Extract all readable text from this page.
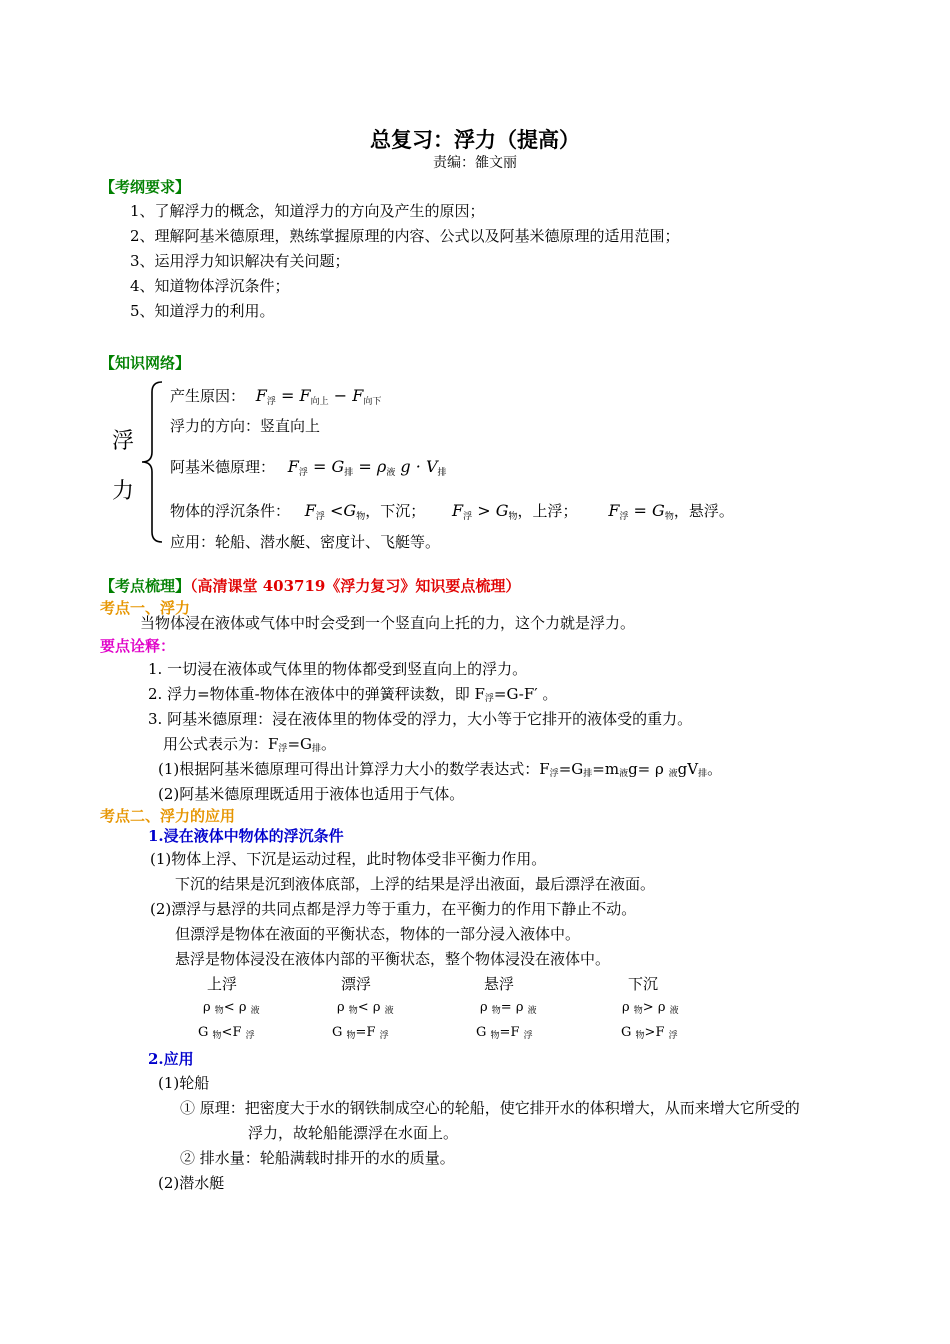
总复习：浮力（提高）
责编：雒文丽
【考纲要求】
1、了解浮力的概念，知道浮力的方向及产生的原因；
2、理解阿基米德原理，熟练掌握原理的内容、公式以及阿基米德原理的适用范围；
3、运用浮力知识解决有关问题；
4、知道物体浮沉条件；
5、知道浮力的利用。
【知识网络】
浮
力
产生原因： F浮 = F向上 − F向下
浮力的方向：竖直向上
阿基米德原理： F浮 = G排 = ρ液 g · V排
物体的浮沉条件： F浮 <G物，下沉； F浮 > G物，上浮； F浮 = G物，悬浮。
应用：轮船、潜水艇、密度计、飞艇等。
【考点梳理】（高清课堂 403719《浮力复习》知识要点梳理）
考点一、浮力
当物体浸在液体或气体中时会受到一个竖直向上托的力，这个力就是浮力。
要点诠释：
1. 一切浸在液体或气体里的物体都受到竖直向上的浮力。
2. 浮力=物体重-物体在液体中的弹簧秤读数，即 $F_浮=G-F'$ 。
3. 阿基米德原理：浸在液体里的物体受的浮力，大小等于它排开的液体受的重力。
用公式表示为：$F_浮=G_排$。
(1)根据阿基米德原理可得出计算浮力大小的数学表达式：$F_浮=G_排=m_液g= \rho$ $_液gV_排$。
(2)阿基米德原理既适用于液体也适用于气体。
考点二、浮力的应用
1.浸在液体中物体的浮沉条件
(1)物体上浮、下沉是运动过程，此时物体受非平衡力作用。
下沉的结果是沉到液体底部，上浮的结果是浮出液面，最后漂浮在液面。
(2)漂浮与悬浮的共同点都是浮力等于重力，在平衡力的作用下静止不动。
但漂浮是物体在液面的平衡状态，物体的一部分浸入液体中。
悬浮是物体浸没在液体内部的平衡状态，整个物体浸没在液体中。
上浮	漂浮	悬浮	下沉
ρ $_物$< ρ $_液$	ρ $_物$< ρ $_液$	ρ $_物$= ρ $_液$	ρ $_物$> ρ $_液$
G $_物$<F $_浮$	G $_物$=F $_浮$	G $_物$=F $_浮$	G $_物$>F $_浮$
2.应用
(1)轮船
① 原理：把密度大于水的钢铁制成空心的轮船，使它排开水的体积增大，从而来增大它所受的
浮力，故轮船能漂浮在水面上。
② 排水量：轮船满载时排开的水的质量。
(2)潜水艇
